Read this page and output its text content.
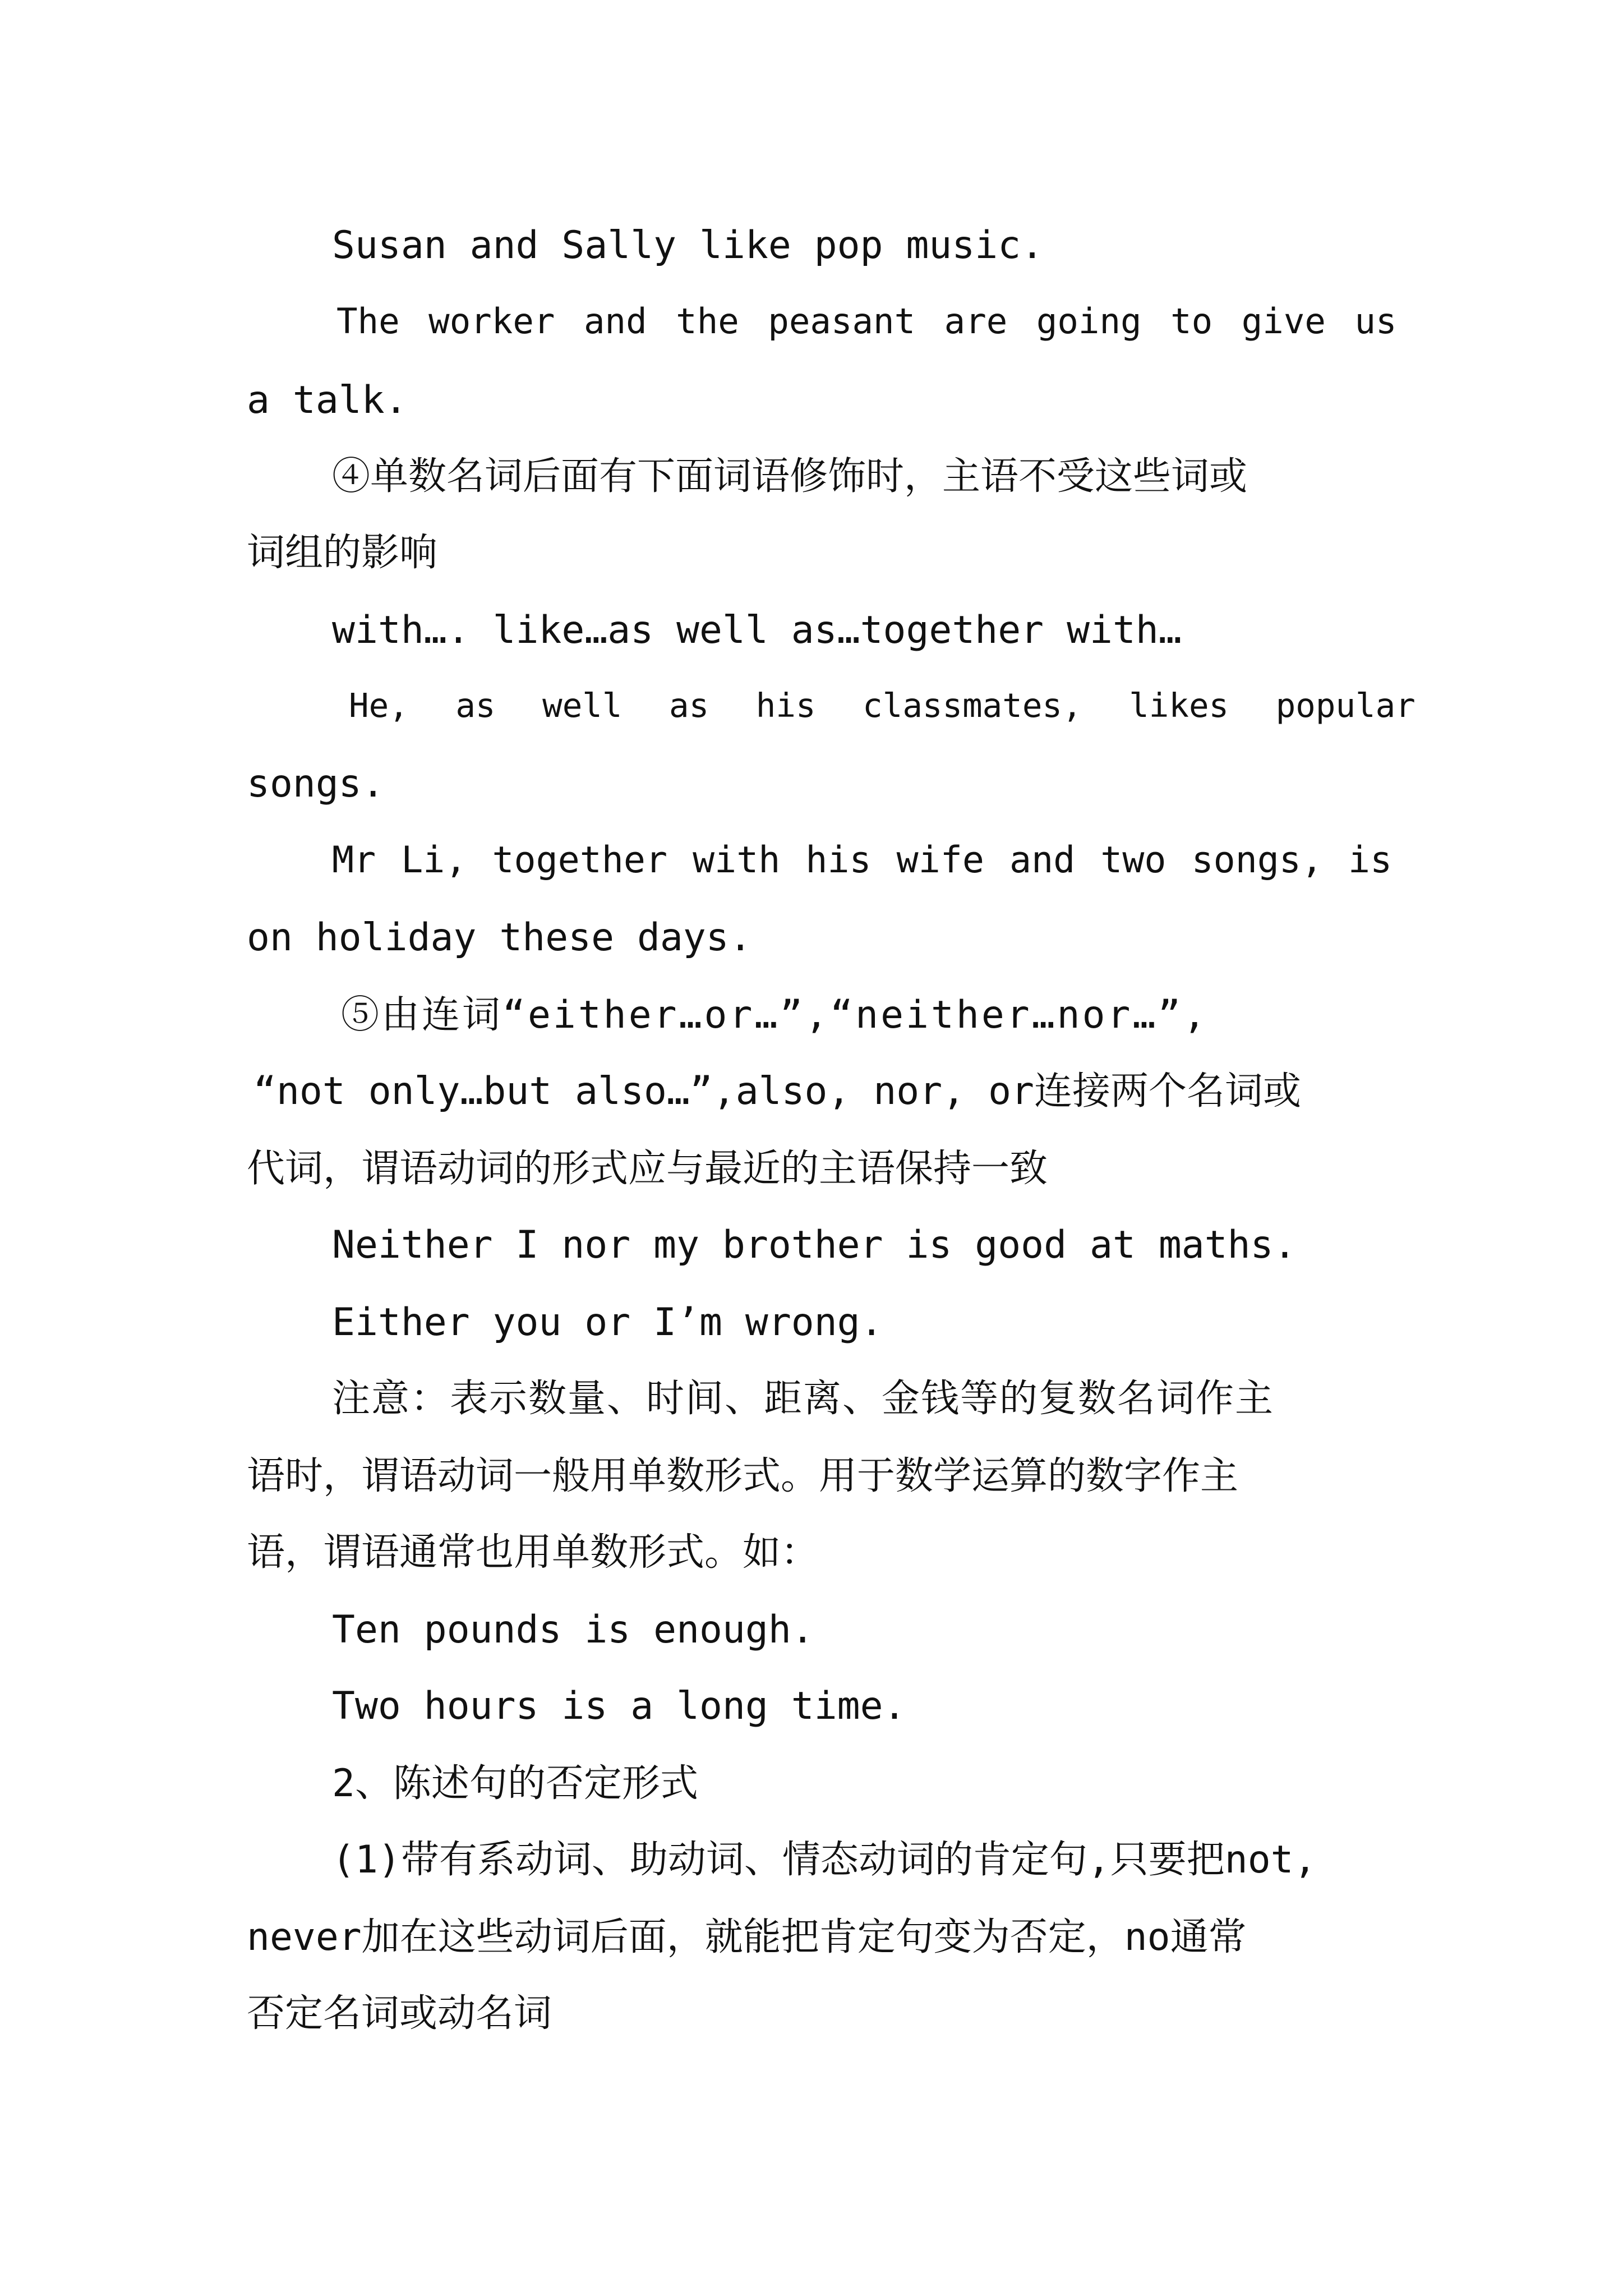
Susan and Sally like pop music.
The worker and the peasant are going to give us
a talk.
④单数名词后面有下面词语修饰时，主语不受这些词或
词组的影响
with…. like…as well as…together with…
He, as well as his classmates, likes popular
songs.
Mr Li, together with his wife and two songs, is
on holiday these days.
⑤由连词“either…or…”,“neither…nor…”,
“not only…but also…”,also, nor, or连接两个名词或
代词，谓语动词的形式应与最近的主语保持一致
Neither I nor my brother is good at maths.
Either you or I’m wrong.
注意：表示数量、时间、距离、金钱等的复数名词作主
语时，谓语动词一般用单数形式。用于数学运算的数字作主
语，谓语通常也用单数形式。如：
Ten pounds is enough.
Two hours is a long time.
2、陈述句的否定形式
(1)带有系动词、助动词、情态动词的肯定句,只要把not,
never加在这些动词后面，就能把肯定句变为否定，no通常
否定名词或动名词
